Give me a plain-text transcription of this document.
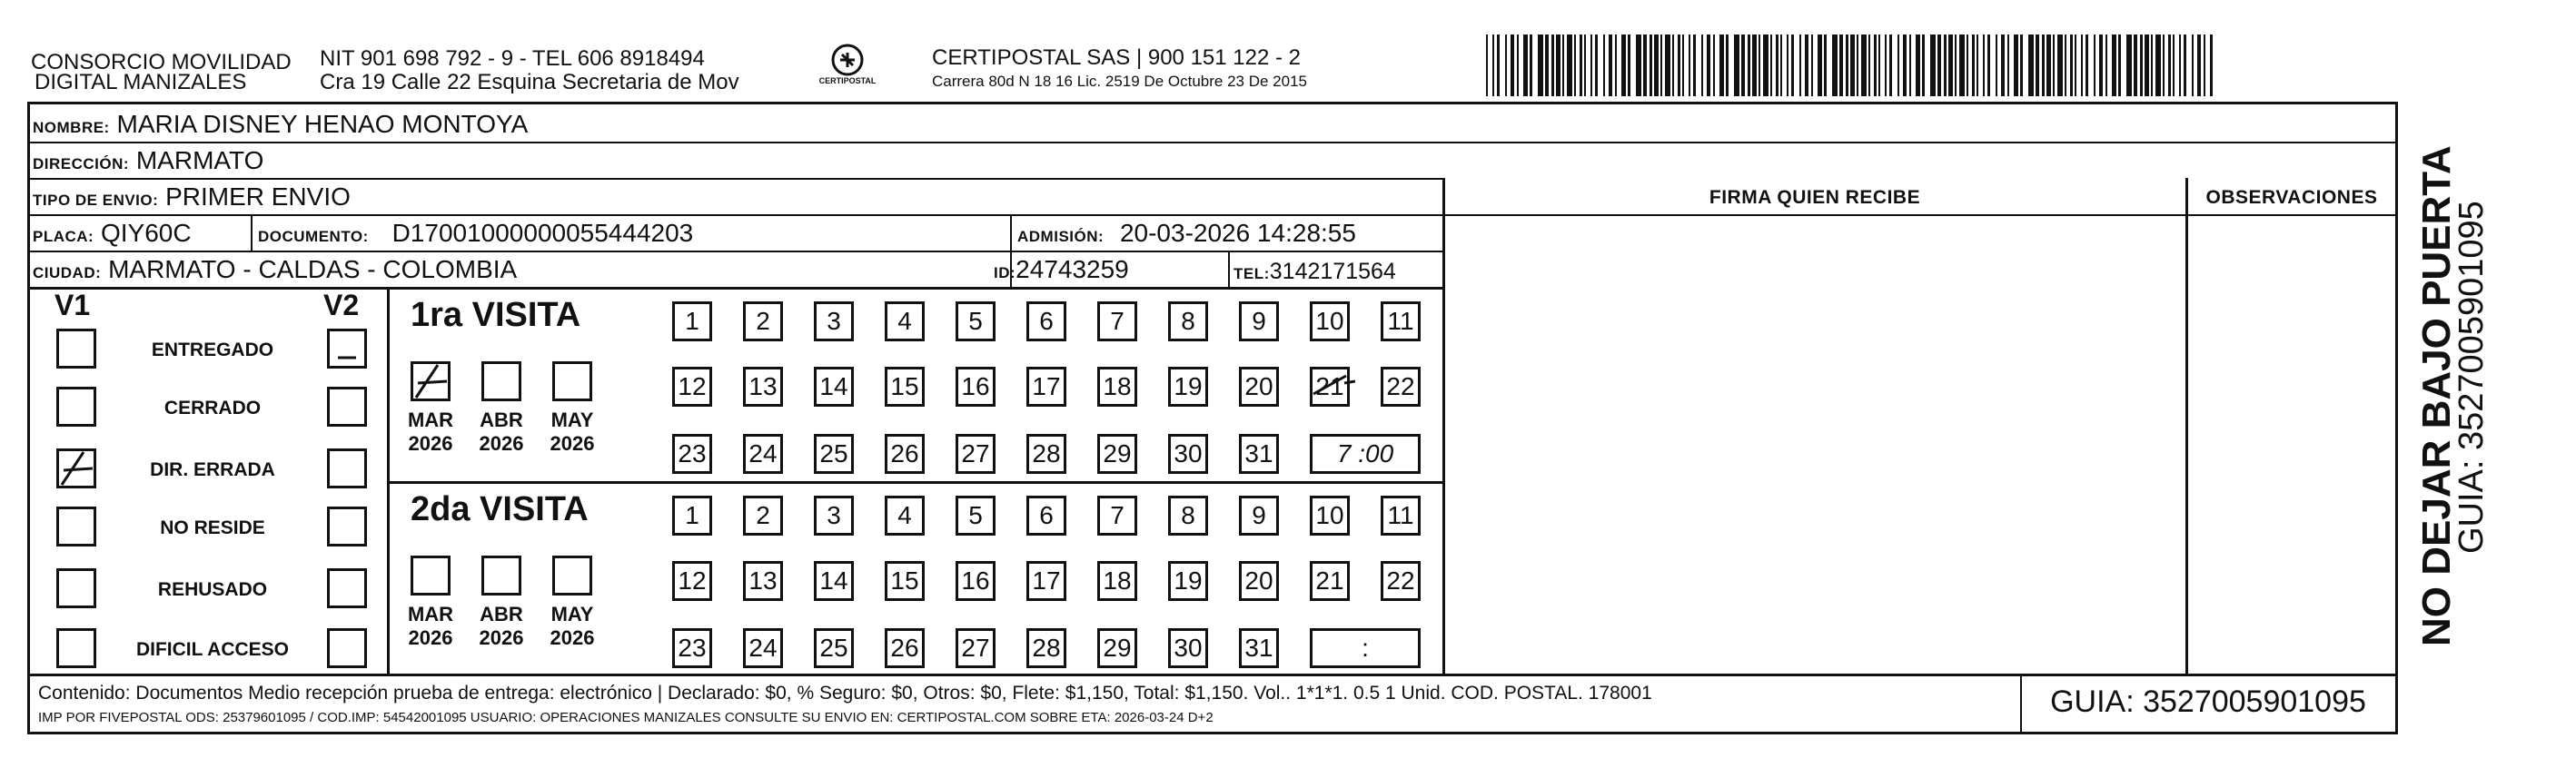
CONSORCIO MOVILIDAD
DIGITAL MANIZALES
NIT 901 698 792 - 9 - TEL 606 8918494
Cra 19 Calle 22 Esquina Secretaria de Mov	CERTIPOSTAL
CERTIPOSTAL SAS | 900 151 122 - 2
Carrera 80d N 18 16 Lic. 2519 De Octubre 23 De 2015
NOMBRE: MARIA DISNEY HENAO MONTOYA
DIRECCIÓN: MARMATO
TIPO DE ENVIO: PRIMER ENVIO
PLACA: QIY60C	DOCUMENTO: D17001000000055444203	ADMISIÓN: 20-03-2026 14:28:55
CIUDAD: MARMATO - CALDAS - COLOMBIA	ID:24743259	TEL:3142171564
FIRMA QUIEN RECIBE	OBSERVACIONES
V1	V2
ENTREGADO
CERRADO
DIR. ERRADA
NO RESIDE
REHUSADO
DIFICIL ACCESO
1ra VISITA
MAR
2026
ABR
2026
MAY
2026
1	2	3	4	5	6	7	8	9	10 11
12 13 14 15 16 17 18 19 20 21 22
23 24 25 26 27 28 29 30 31	7 :00
2da VISITA
MAR
2026
ABR
2026
MAY
2026
1	2	3	4	5	6	7	8	9	10 11
12 13 14 15 16 17 18 19 20 21 22
23 24 25 26 27 28 29 30 31	:
Contenido: Documentos Medio recepción prueba de entrega: electrónico | Declarado: $0, % Seguro: $0, Otros: $0, Flete: $1,150, Total: $1,150. Vol.. 1*1*1. 0.5 1 Unid. COD. POSTAL. 178001
IMP POR FIVEPOSTAL ODS: 25379601095 / COD.IMP: 54542001095 USUARIO: OPERACIONES MANIZALES CONSULTE SU ENVIO EN: CERTIPOSTAL.COM SOBRE ETA: 2026-03-24 D+2	GUIA: 3527005901095
NO DEJAR BAJO PUERTA
GUIA: 3527005901095
